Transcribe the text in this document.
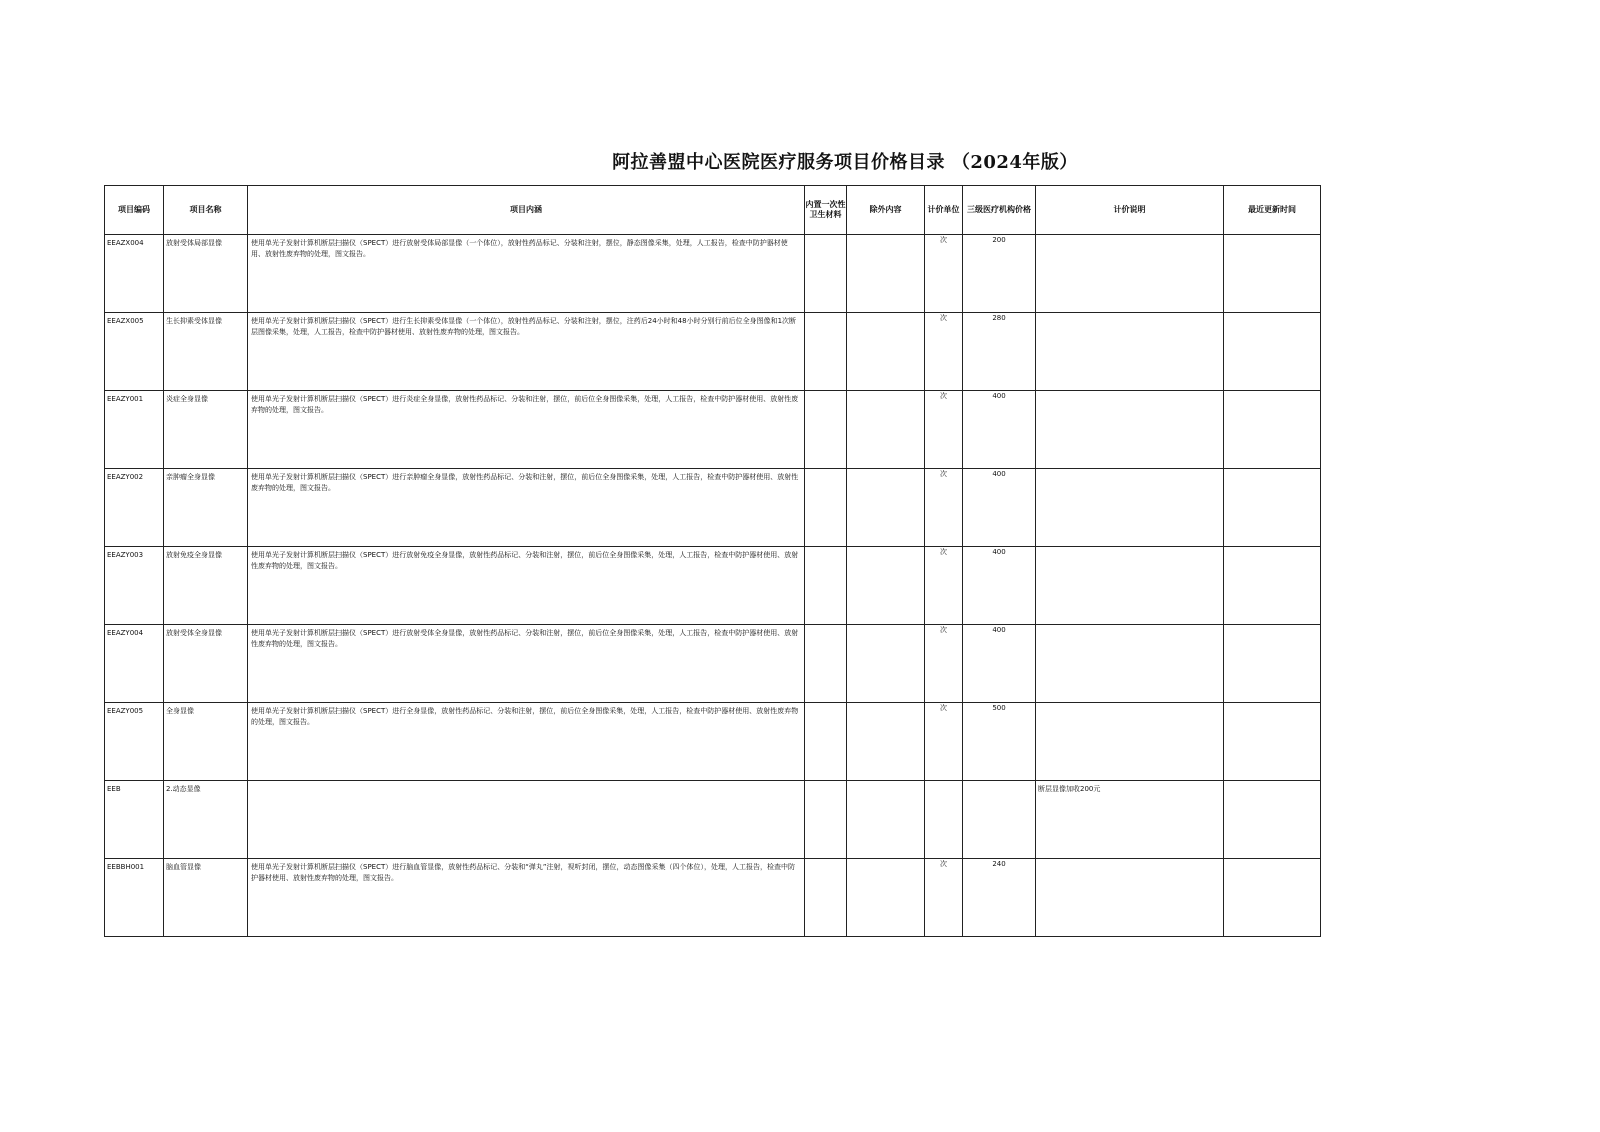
阿拉善盟中心医院医疗服务项目价格目录 （2024年版）
项目编码	项目名称	项目内涵	内置一次性卫生材料	除外内容	计价单位	三级医疗机构价格	计价说明	最近更新时间

EEAZX004	放射受体局部显像	使用单光子发射计算机断层扫描仪（SPECT）进行放射受体局部显像（一个体位），放射性药品标记、分装和注射，摆位，静态图像采集，处理，人工报告，检查中防护器材使用、放射性废弃物的处理，图文报告。			次	200	

EEAZX005	生长抑素受体显像	使用单光子发射计算机断层扫描仪（SPECT）进行生长抑素受体显像（一个体位），放射性药品标记、分装和注射，摆位，注药后24小时和48小时分别行前后位全身图像和1次断层图像采集，处理，人工报告，检查中防护器材使用、放射性废弃物的处理，图文报告。			次	280	

EEAZY001	炎症全身显像	使用单光子发射计算机断层扫描仪（SPECT）进行炎症全身显像，放射性药品标记、分装和注射，摆位，前后位全身图像采集，处理，人工报告，检查中防护器材使用、放射性废弃物的处理，图文报告。			次	400	

EEAZY002	亲肿瘤全身显像	使用单光子发射计算机断层扫描仪（SPECT）进行亲肿瘤全身显像，放射性药品标记、分装和注射，摆位，前后位全身图像采集，处理，人工报告，检查中防护器材使用、放射性废弃物的处理，图文报告。			次	400	

EEAZY003	放射免疫全身显像	使用单光子发射计算机断层扫描仪（SPECT）进行放射免疫全身显像，放射性药品标记、分装和注射，摆位，前后位全身图像采集，处理，人工报告，检查中防护器材使用、放射性废弃物的处理，图文报告。			次	400	

EEAZY004	放射受体全身显像	使用单光子发射计算机断层扫描仪（SPECT）进行放射受体全身显像，放射性药品标记、分装和注射，摆位，前后位全身图像采集，处理，人工报告，检查中防护器材使用、放射性废弃物的处理，图文报告。			次	400	

EEAZY005	全身显像	使用单光子发射计算机断层扫描仪（SPECT）进行全身显像，放射性药品标记、分装和注射，摆位，前后位全身图像采集，处理，人工报告，检查中防护器材使用、放射性废弃物的处理，图文报告。			次	500	

EEB	2.动态显像						断层显像加收200元	

EEBBH001	脑血管显像	使用单光子发射计算机断层扫描仪（SPECT）进行脑血管显像，放射性药品标记、分装和“弹丸”注射，视听封闭，摆位，动态图像采集（四个体位），处理，人工报告，检查中防护器材使用、放射性废弃物的处理，图文报告。			次	240	
